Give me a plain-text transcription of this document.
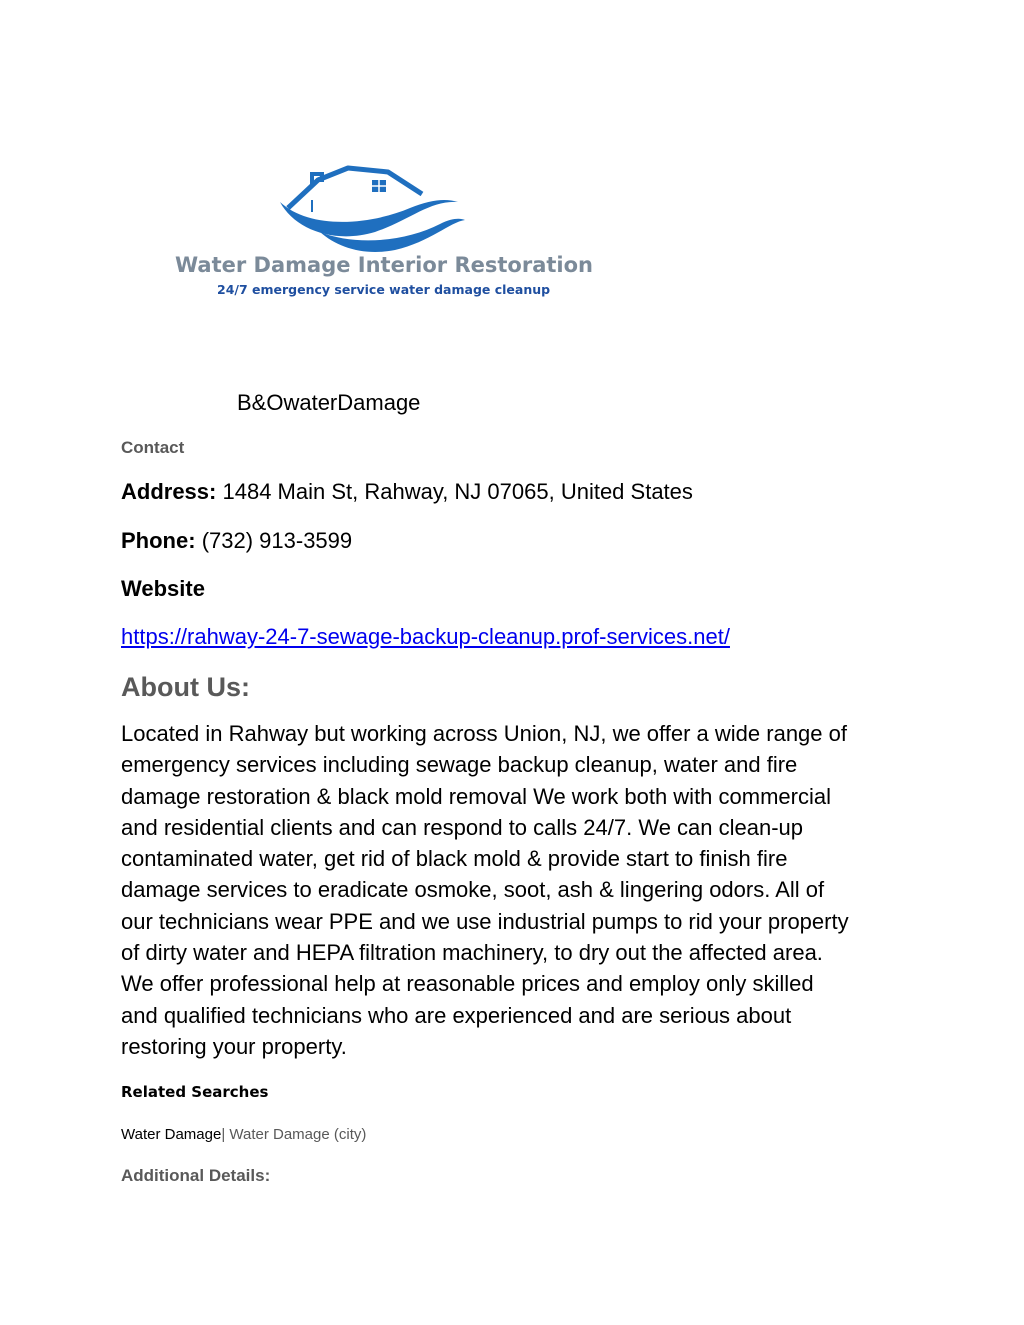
Water Damage Interior Restoration
24/7 emergency service water damage cleanup
B&OwaterDamage
Contact
Address: 1484 Main St, Rahway, NJ 07065, United States
Phone: (732) 913-3599
Website
https://rahway-24-7-sewage-backup-cleanup.prof-services.net/
About Us:
Located in Rahway but working across Union, NJ, we offer a wide range of
emergency services including sewage backup cleanup, water and fire
damage restoration & black mold removal We work both with commercial
and residential clients and can respond to calls 24/7. We can clean-up
contaminated water, get rid of black mold & provide start to finish fire
damage services to eradicate osmoke, soot, ash & lingering odors. All of
our technicians wear PPE and we use industrial pumps to rid your property
of dirty water and HEPA filtration machinery, to dry out the affected area.
We offer professional help at reasonable prices and employ only skilled
and qualified technicians who are experienced and are serious about
restoring your property.
Related Searches
Water Damage| Water Damage (city)
Additional Details:
